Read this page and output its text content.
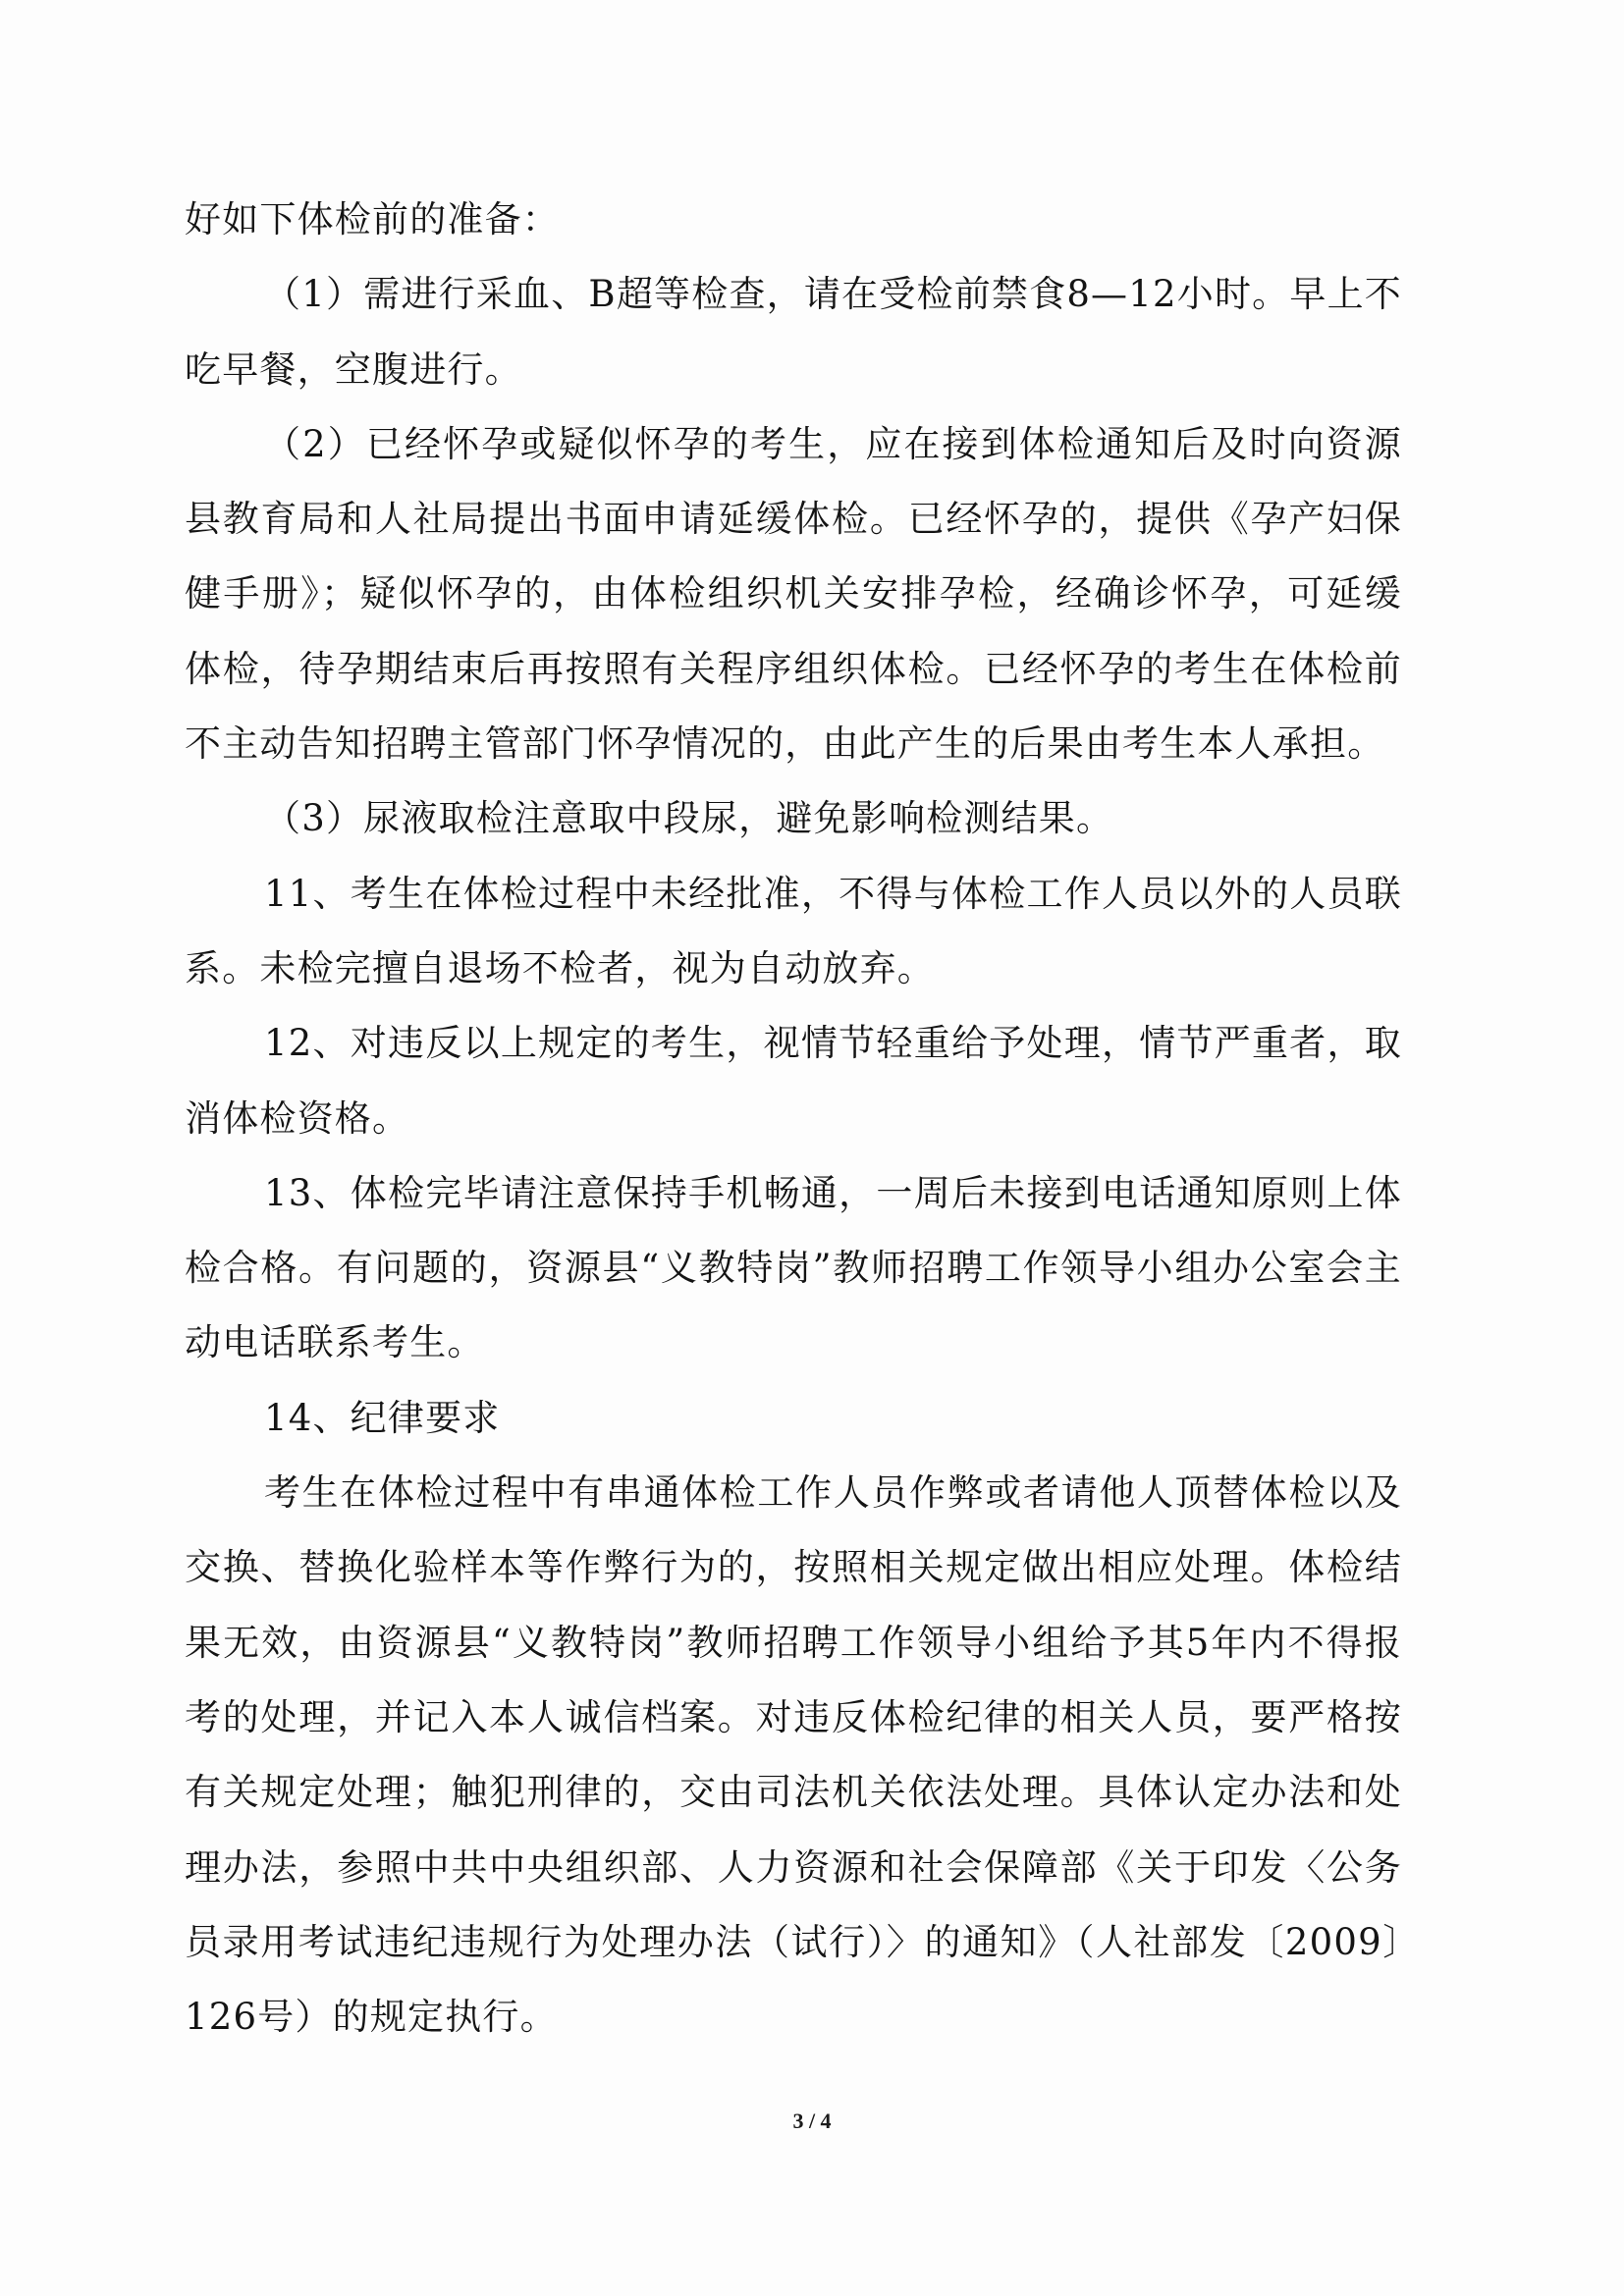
好如下体检前的准备：

（1）需进行采血、B超等检查，请在受检前禁食8—12小时。早上不吃早餐，空腹进行。

（2）已经怀孕或疑似怀孕的考生，应在接到体检通知后及时向资源县教育局和人社局提出书面申请延缓体检。已经怀孕的，提供《孕产妇保健手册》；疑似怀孕的，由体检组织机关安排孕检，经确诊怀孕，可延缓体检，待孕期结束后再按照有关程序组织体检。已经怀孕的考生在体检前不主动告知招聘主管部门怀孕情况的，由此产生的后果由考生本人承担。

（3）尿液取检注意取中段尿，避免影响检测结果。

11、考生在体检过程中未经批准，不得与体检工作人员以外的人员联系。未检完擅自退场不检者，视为自动放弃。

12、对违反以上规定的考生，视情节轻重给予处理，情节严重者，取消体检资格。

13、体检完毕请注意保持手机畅通，一周后未接到电话通知原则上体检合格。有问题的，资源县“义教特岗”教师招聘工作领导小组办公室会主动电话联系考生。

14、纪律要求

考生在体检过程中有串通体检工作人员作弊或者请他人顶替体检以及交换、替换化验样本等作弊行为的，按照相关规定做出相应处理。体检结果无效，由资源县“义教特岗”教师招聘工作领导小组给予其5年内不得报考的处理，并记入本人诚信档案。对违反体检纪律的相关人员，要严格按有关规定处理；触犯刑律的，交由司法机关依法处理。具体认定办法和处理办法，参照中共中央组织部、人力资源和社会保障部《关于印发〈公务员录用考试违纪违规行为处理办法（试行）〉的通知》（人社部发〔2009〕126号）的规定执行。

3 / 4
